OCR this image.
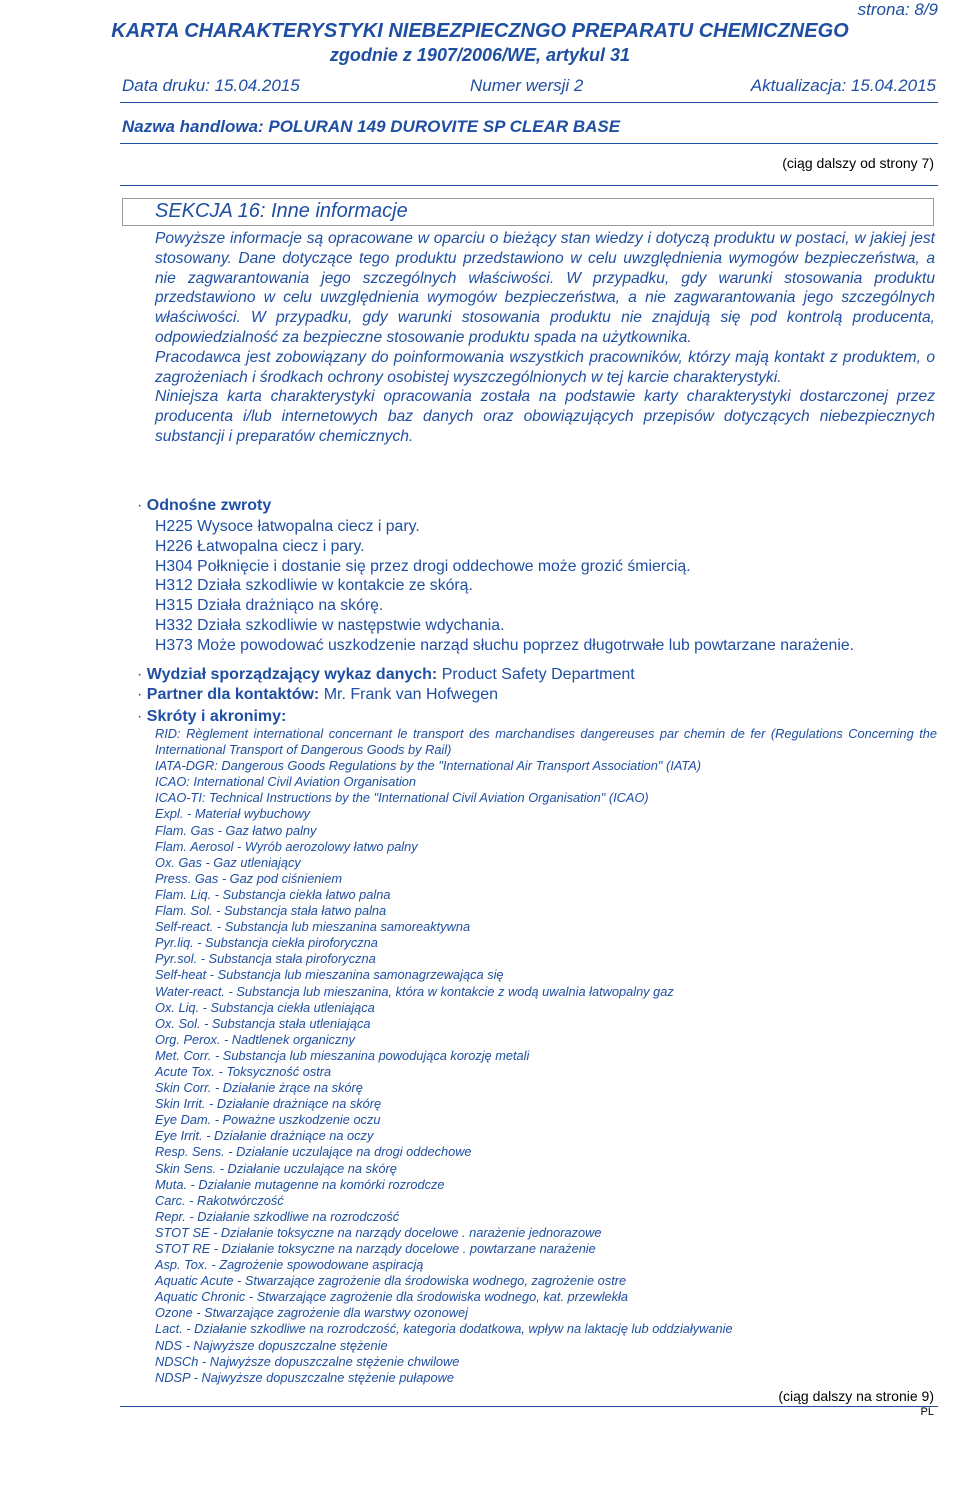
strona: 8/9
KARTA CHARAKTERYSTYKI NIEBEZPIECZNGO PREPARATU CHEMICZNEGO
zgodnie z 1907/2006/WE, artykul 31
Data druku: 15.04.2015	Numer wersji 2	Aktualizacja: 15.04.2015
Nazwa handlowa: POLURAN 149 DUROVITE SP CLEAR BASE
(ciąg dalszy od strony 7)
SEKCJA 16: Inne informacje

Powyższe informacje są opracowane w oparciu o bieżący stan wiedzy i dotyczą produktu w postaci, w jakiej jest stosowany. Dane dotyczące tego produktu przedstawiono w celu uwzględnienia wymogów bezpieczeństwa, a nie zagwarantowania jego szczególnych właściwości. W przypadku, gdy warunki stosowania produktu przedstawiono w celu uwzględnienia wymogów bezpieczeństwa, a nie zagwarantowania jego szczególnych właściwości. W przypadku, gdy warunki stosowania produktu nie znajdują się pod kontrolą producenta, odpowiedzialność za bezpieczne stosowanie produktu spada na użytkownika.

Pracodawca jest zobowiązany do poinformowania wszystkich pracowników, którzy mają kontakt z produktem, o zagrożeniach i środkach ochrony osobistej wyszczególnionych w tej karcie charakterystyki.

Niniejsza karta charakterystyki opracowania została na podstawie karty charakterystyki dostarczonej przez producenta i/lub internetowych baz danych oraz obowiązujących przepisów dotyczących niebezpiecznych substancji i preparatów chemicznych.

· Odnośne zwroty
H225 Wysoce łatwopalna ciecz i pary.
H226 Łatwopalna ciecz i pary.
H304 Połknięcie i dostanie się przez drogi oddechowe może grozić śmiercią.
H312 Działa szkodliwie w kontakcie ze skórą.
H315 Działa drażniąco na skórę.
H332 Działa szkodliwie w następstwie wdychania.
H373 Może powodować uszkodzenie narząd słuchu poprzez długotrwałe lub powtarzane narażenie.
· Wydział sporządzający wykaz danych: Product Safety Department
· Partner dla kontaktów: Mr. Frank van Hofwegen
· Skróty i akronimy:
RID: Règlement international concernant le transport des marchandises dangereuses par chemin de fer (Regulations Concerning the International Transport of Dangerous Goods by Rail)
IATA-DGR: Dangerous Goods Regulations by the "International Air Transport Association" (IATA)
ICAO: International Civil Aviation Organisation
ICAO-TI: Technical Instructions by the "International Civil Aviation Organisation" (ICAO)
Expl. - Materiał wybuchowy
Flam. Gas - Gaz łatwo palny
Flam. Aerosol - Wyrób aerozolowy łatwo palny
Ox. Gas - Gaz utleniający
Press. Gas - Gaz pod ciśnieniem
Flam. Liq. - Substancja ciekła łatwo palna
Flam. Sol. - Substancja stała łatwo palna
Self-react. - Substancja lub mieszanina samoreaktywna
Pyr.liq. - Substancja ciekła piroforyczna
Pyr.sol. - Substancja stała piroforyczna
Self-heat - Substancja lub mieszanina samonagrzewająca się
Water-react. - Substancja lub mieszanina, która w kontakcie z wodą uwalnia łatwopalny gaz
Ox. Liq. - Substancja ciekła utleniająca
Ox. Sol. - Substancja stała utleniająca
Org. Perox. - Nadtlenek organiczny
Met. Corr. - Substancja lub mieszanina powodująca korozję metali
Acute Tox. - Toksyczność ostra
Skin Corr. - Działanie żrące na skórę
Skin Irrit. - Działanie drażniące na skórę
Eye Dam. - Poważne uszkodzenie oczu
Eye Irrit. - Działanie drażniące na oczy
Resp. Sens. - Działanie uczulające na drogi oddechowe
Skin Sens. - Działanie uczulające na skórę
Muta. - Działanie mutagenne na komórki rozrodcze
Carc. - Rakotwórczość
Repr. - Działanie szkodliwe na rozrodczość
STOT SE - Działanie toksyczne na narządy docelowe . narażenie jednorazowe
STOT RE - Działanie toksyczne na narządy docelowe . powtarzane narażenie
Asp. Tox. - Zagrożenie spowodowane aspiracją
Aquatic Acute - Stwarzające zagrożenie dla środowiska wodnego, zagrożenie ostre
Aquatic Chronic - Stwarzające zagrożenie dla środowiska wodnego, kat. przewlekła
Ozone - Stwarzające zagrożenie dla warstwy ozonowej
Lact. - Działanie szkodliwe na rozrodczość, kategoria dodatkowa, wpływ na laktację lub oddziaływanie
NDS - Najwyższe dopuszczalne stężenie
NDSCh - Najwyższe dopuszczalne stężenie chwilowe
NDSP - Najwyższe dopuszczalne stężenie pułapowe
(ciąg dalszy na stronie 9)
PL
